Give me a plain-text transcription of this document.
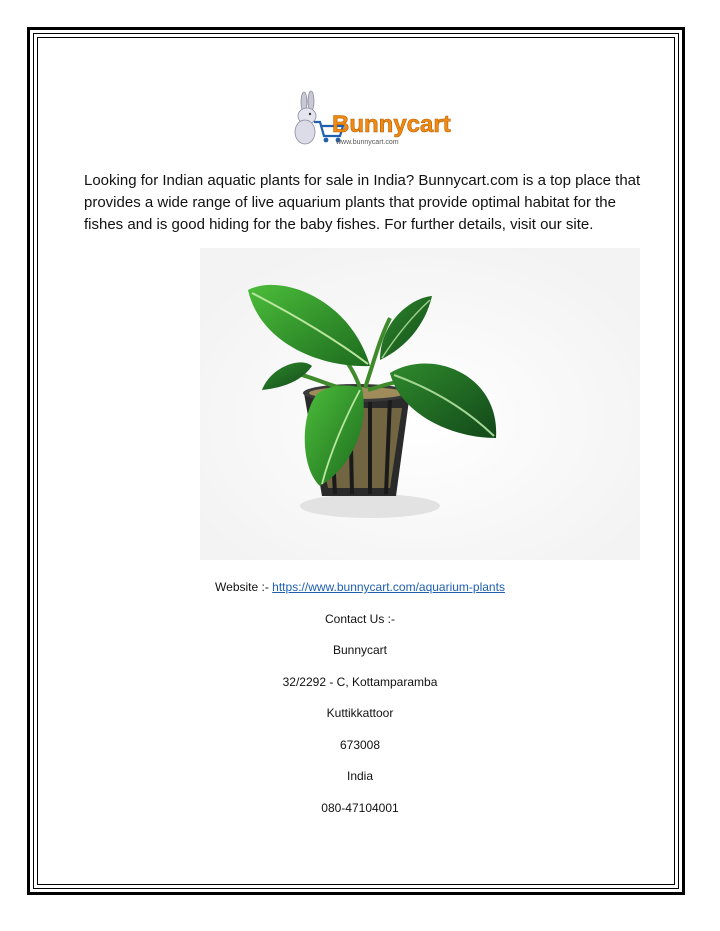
Bunnycart
www.bunnycart.com

Looking for Indian aquatic plants for sale in India? Bunnycart.com is a top place that provides a wide range of live aquarium plants that provide optimal habitat for the fishes and is good hiding for the baby fishes. For further details, visit our site.

Website :- https://www.bunnycart.com/aquarium-plants
Contact Us :-
Bunnycart
32/2292 - C, Kottamparamba
Kuttikkattoor
673008
India
080-47104001
